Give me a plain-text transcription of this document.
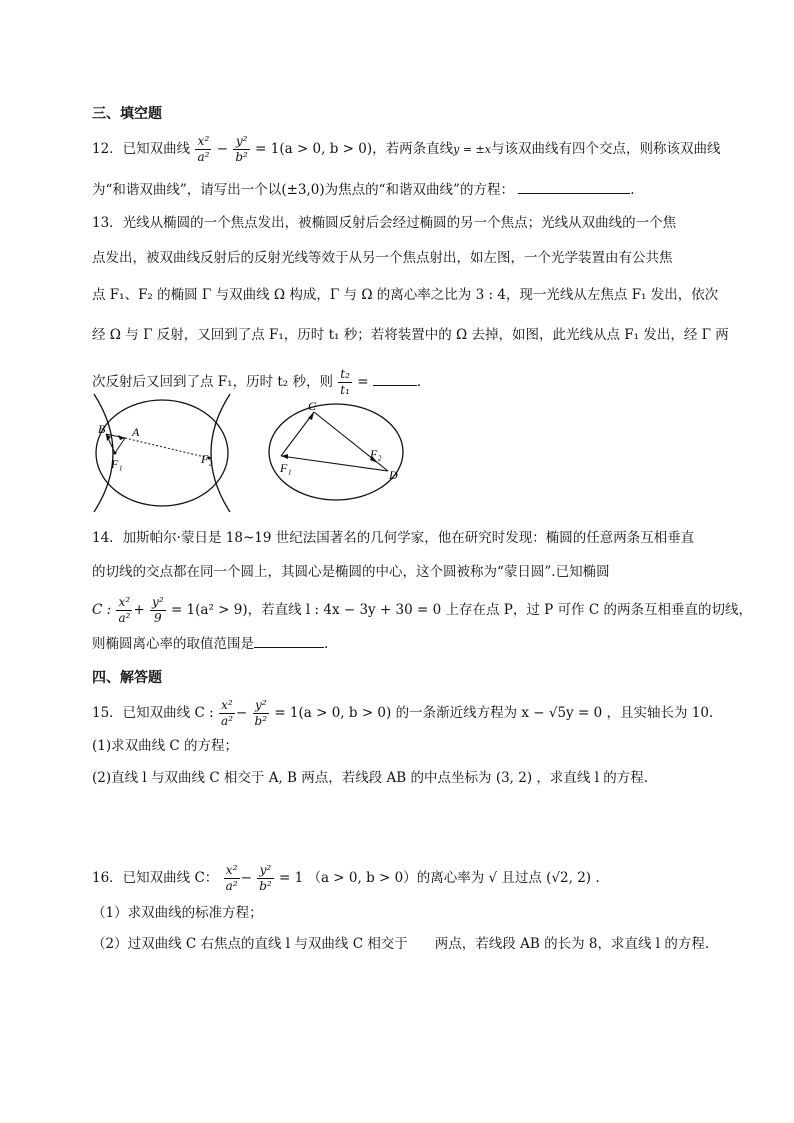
三、填空题
12．已知双曲线 $\frac{\text{x²}}{\text{a²}} - \frac{\text{y²}}{\text{b²}} = 1(a > 0$, b > 0)，若两条直线y = ±x与该双曲线有四个交点，则称该双曲线
为“和谐双曲线”，请写出一个以(±3,0)为焦点的“和谐双曲线”的方程：	.
13．光线从椭圆的一个焦点发出，被椭圆反射后会经过椭圆的另一个焦点；光线从双曲线的一个焦
点发出，被双曲线反射后的反射光线等效于从另一个焦点射出，如左图，一个光学装置由有公共焦
点 F₁、F₂ 的椭圆 Γ 与双曲线 Ω 构成，Γ 与 Ω 的离心率之比为 3 : 4，现一光线从左焦点 F₁ 发出，依次
经 Ω 与 Γ 反射，又回到了点 F₁，历时 t₁ 秒；若将装置中的 Ω 去掉，如图，此光线从点 F₁ 发出，经 Γ 两
次反射后又回到了点 F₁，历时 t₂ 秒，则 $\frac{\text{t₂}}{\text{t₁}}$ =	.
B A
F₁	F₂
C
F₁
F₂
D
14．加斯帕尔·蒙日是 18~19 世纪法国著名的几何学家，他在研究时发现：椭圆的任意两条互相垂直
的切线的交点都在同一个圆上，其圆心是椭圆的中心，这个圆被称为“蒙日圆”.已知椭圆
C : $\frac{\text{x²}}{\text{a²}} + \frac{\text{y²}}{9} = 1(a^2 > 9)$，若直线 l : 4x − 3y + 30 = 0 上存在点 P，过 P 可作 C 的两条互相垂直的切线，
则椭圆离心率的取值范围是	.
四、解答题
15．已知双曲线 C : $\frac{\text{x²}}{\text{a²}} - \frac{\text{y²}}{\text{b²}} = 1(a > 0$, b > 0) 的一条渐近线方程为 x − √5y = 0 ，且实轴长为 10.
(1)求双曲线 C 的方程；
(2)直线 l 与双曲线 C 相交于 A, B 两点，若线段 AB 的中点坐标为 (3, 2) ，求直线 l 的方程.
16．已知双曲线 C： $\frac{\text{x²}}{\text{a²}} - \frac{\text{y²}}{\text{b²}} = 1$ （a > 0, b > 0）的离心率为 √ 且过点 (√2, 2) .
（1）求双曲线的标准方程；
（2）过双曲线 C 右焦点的直线 l 与双曲线 C 相交于　　两点，若线段 AB 的长为 8，求直线 l 的方程.
